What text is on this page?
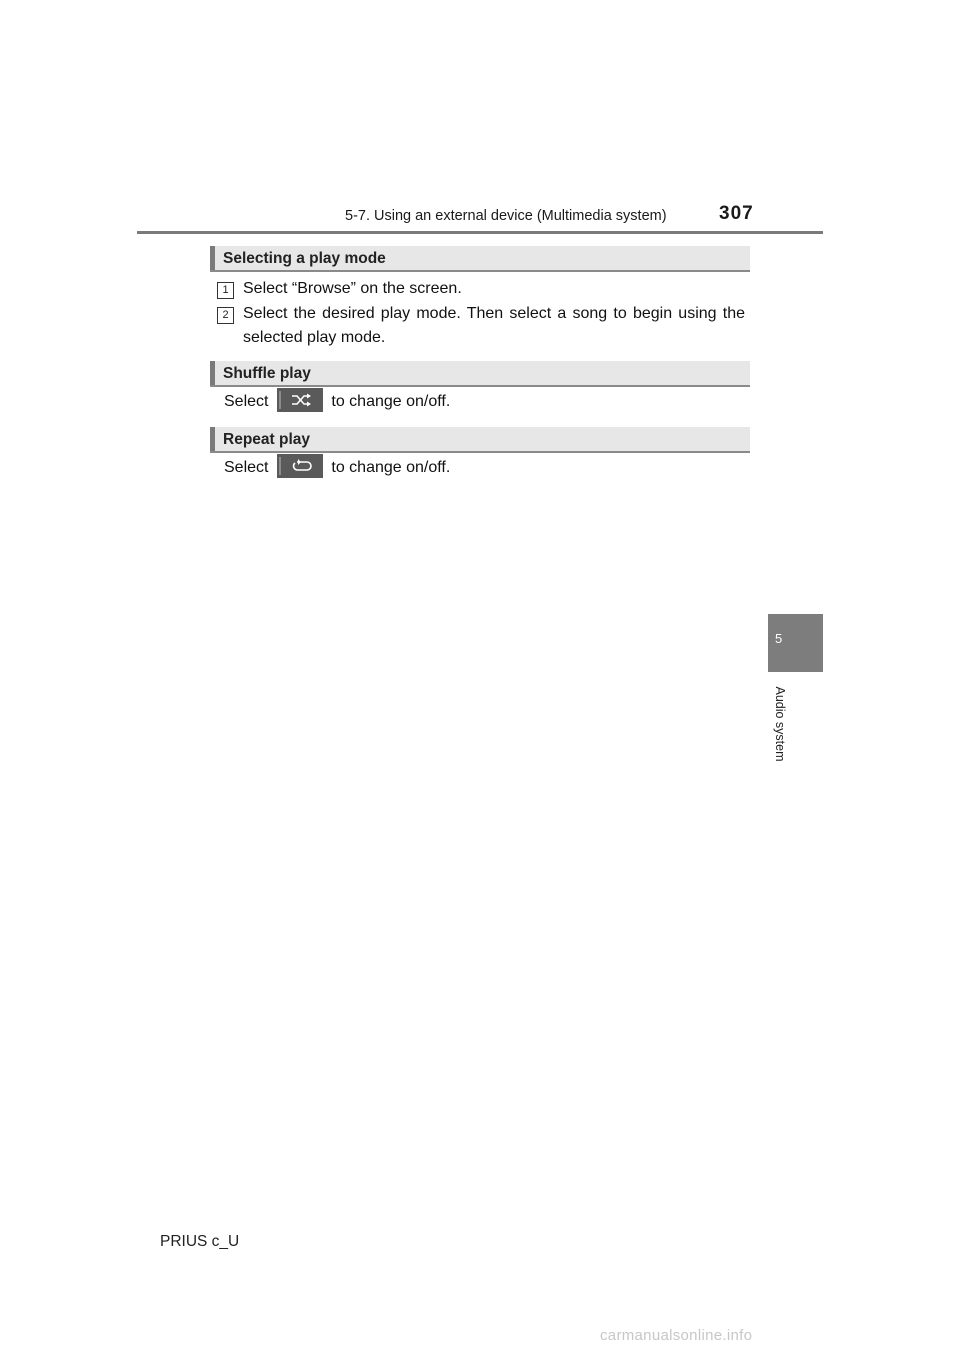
5-7. Using an external device (Multimedia system)	307
5
Audio system
Selecting a play mode
1 Select “Browse” on the screen.
2 Select the desired play mode. Then select a song to begin using the selected play mode.
Shuffle play
Select	to change on/off.
Repeat play
Select	to change on/off.
PRIUS c_U
carmanualsonline.info
